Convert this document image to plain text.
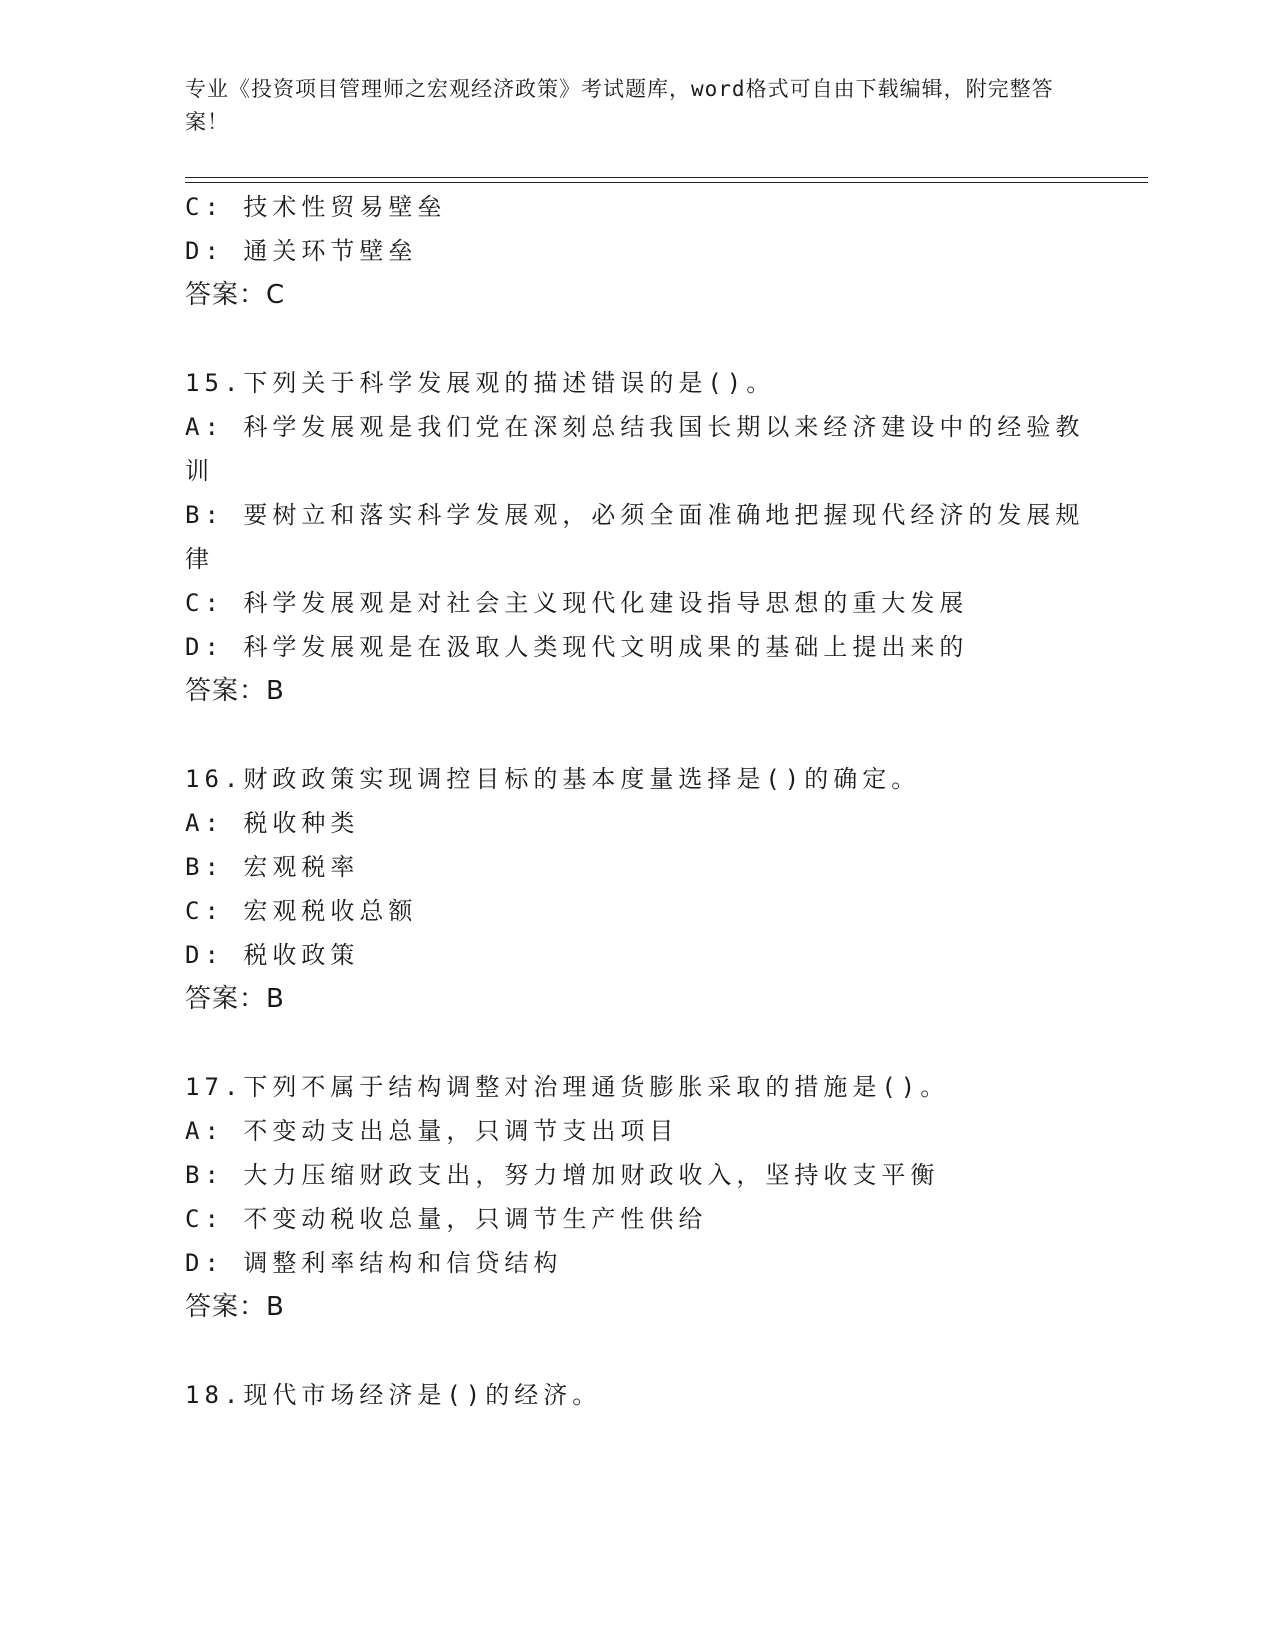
专业《投资项目管理师之宏观经济政策》考试题库，word格式可自由下载编辑，附完整答案！
C: 技术性贸易壁垒
D: 通关环节壁垒
答案：C
15.下列关于科学发展观的描述错误的是()。
A: 科学发展观是我们党在深刻总结我国长期以来经济建设中的经验教
训
B: 要树立和落实科学发展观，必须全面准确地把握现代经济的发展规
律
C: 科学发展观是对社会主义现代化建设指导思想的重大发展
D: 科学发展观是在汲取人类现代文明成果的基础上提出来的
答案：B
16.财政政策实现调控目标的基本度量选择是()的确定。
A: 税收种类
B: 宏观税率
C: 宏观税收总额
D: 税收政策
答案：B
17.下列不属于结构调整对治理通货膨胀采取的措施是()。
A: 不变动支出总量，只调节支出项目
B: 大力压缩财政支出，努力增加财政收入，坚持收支平衡
C: 不变动税收总量，只调节生产性供给
D: 调整利率结构和信贷结构
答案：B
18.现代市场经济是()的经济。
